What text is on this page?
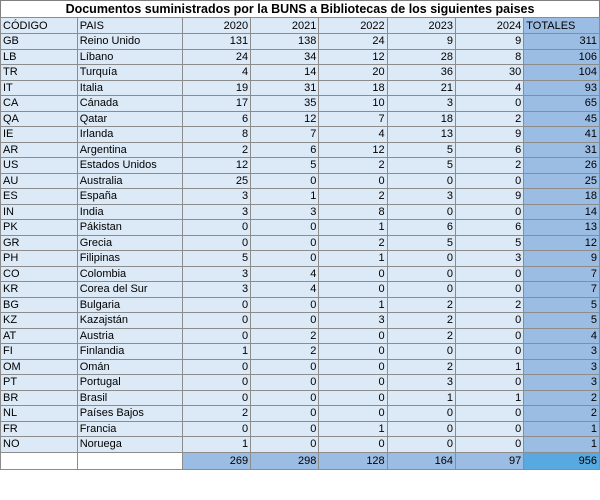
Documentos suministrados por la BUNS a Bibliotecas de los siguientes paises
CÓDIGO	PAIS	2020	2021	2022	2023	2024	TOTALES
GB	Reino Unido	131	138	24	9	9	311
LB	Líbano	24	34	12	28	8	106
TR	Turquía	4	14	20	36	30	104
IT	Italia	19	31	18	21	4	93
CA	Cánada	17	35	10	3	0	65
QA	Qatar	6	12	7	18	2	45
IE	Irlanda	8	7	4	13	9	41
AR	Argentina	2	6	12	5	6	31
US	Estados Unidos	12	5	2	5	2	26
AU	Australia	25	0	0	0	0	25
ES	España	3	1	2	3	9	18
IN	India	3	3	8	0	0	14
PK	Pákistan	0	0	1	6	6	13
GR	Grecia	0	0	2	5	5	12
PH	Filipinas	5	0	1	0	3	9
CO	Colombia	3	4	0	0	0	7
KR	Corea del Sur	3	4	0	0	0	7
BG	Bulgaria	0	0	1	2	2	5
KZ	Kazajstán	0	0	3	2	0	5
AT	Austria	0	2	0	2	0	4
FI	Finlandia	1	2	0	0	0	3
OM	Omán	0	0	0	2	1	3
PT	Portugal	0	0	0	3	0	3
BR	Brasil	0	0	0	1	1	2
NL	Países Bajos	2	0	0	0	0	2
FR	Francia	0	0	1	0	0	1
NO	Noruega	1	0	0	0	0	1
		269	298	128	164	97	956
